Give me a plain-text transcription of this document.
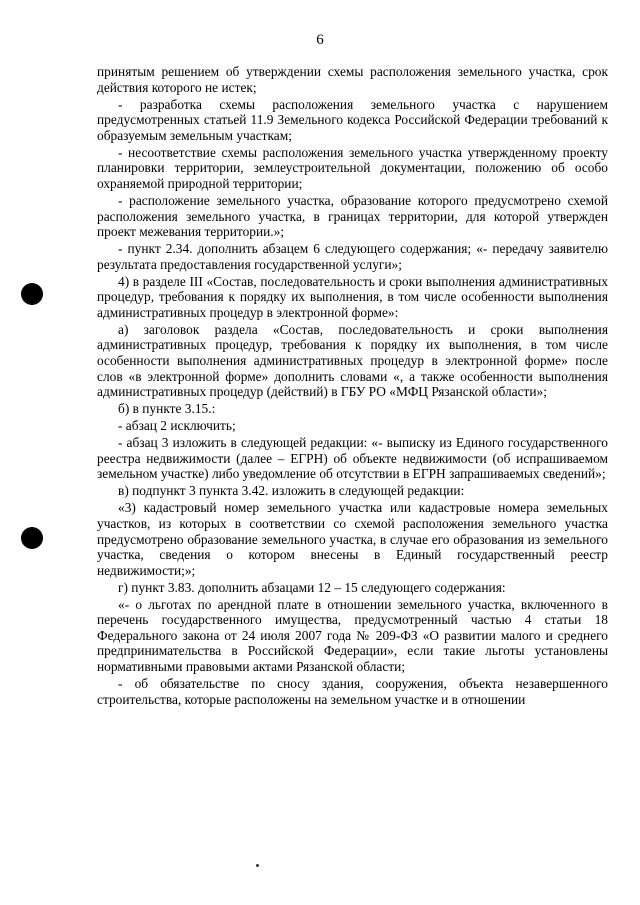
6

принятым решением об утверждении схемы расположения земельного участка, срок действия которого не истек;

- разработка схемы расположения земельного участка с нарушением предусмотренных статьей 11.9 Земельного кодекса Российской Федерации требований к образуемым земельным участкам;

- несоответствие схемы расположения земельного участка утвержденному проекту планировки территории, землеустроительной документации, положению об особо охраняемой природной территории;

- расположение земельного участка, образование которого предусмотрено схемой расположения земельного участка, в границах территории, для которой утвержден проект межевания территории.»;

- пункт 2.34. дополнить абзацем 6 следующего содержания; «- передачу заявителю результата предоставления государственной услуги»;

4) в разделе III «Состав, последовательность и сроки выполнения административных процедур, требования к порядку их выполнения, в том числе особенности выполнения административных процедур в электронной форме»:

а) заголовок раздела «Состав, последовательность и сроки выполнения административных процедур, требования к порядку их выполнения, в том числе особенности выполнения административных процедур в электронной форме» после слов «в электронной форме» дополнить словами «, а также особенности выполнения административных процедур (действий) в ГБУ РО «МФЦ Рязанской области»;

б) в пункте 3.15.:

- абзац 2 исключить;

- абзац 3 изложить в следующей редакции: «- выписку из Единого государственного реестра недвижимости (далее – ЕГРН) об объекте недвижимости (об испрашиваемом земельном участке) либо уведомление об отсутствии в ЕГРН запрашиваемых сведений»;

в) подпункт 3 пункта 3.42. изложить в следующей редакции:

«3) кадастровый номер земельного участка или кадастровые номера земельных участков, из которых в соответствии со схемой расположения земельного участка предусмотрено образование земельного участка, в случае его образования из земельного участка, сведения о котором внесены в Единый государственный реестр недвижимости;»;

г) пункт 3.83. дополнить абзацами 12 – 15 следующего содержания:

«- о льготах по арендной плате в отношении земельного участка, включенного в перечень государственного имущества, предусмотренный частью 4 статьи 18 Федерального закона от 24 июля 2007 года № 209-ФЗ «О развитии малого и среднего предпринимательства в Российской Федерации», если такие льготы установлены нормативными правовыми актами Рязанской области;

- об обязательстве по сносу здания, сооружения, объекта незавершенного строительства, которые расположены на земельном участке и в отношении
